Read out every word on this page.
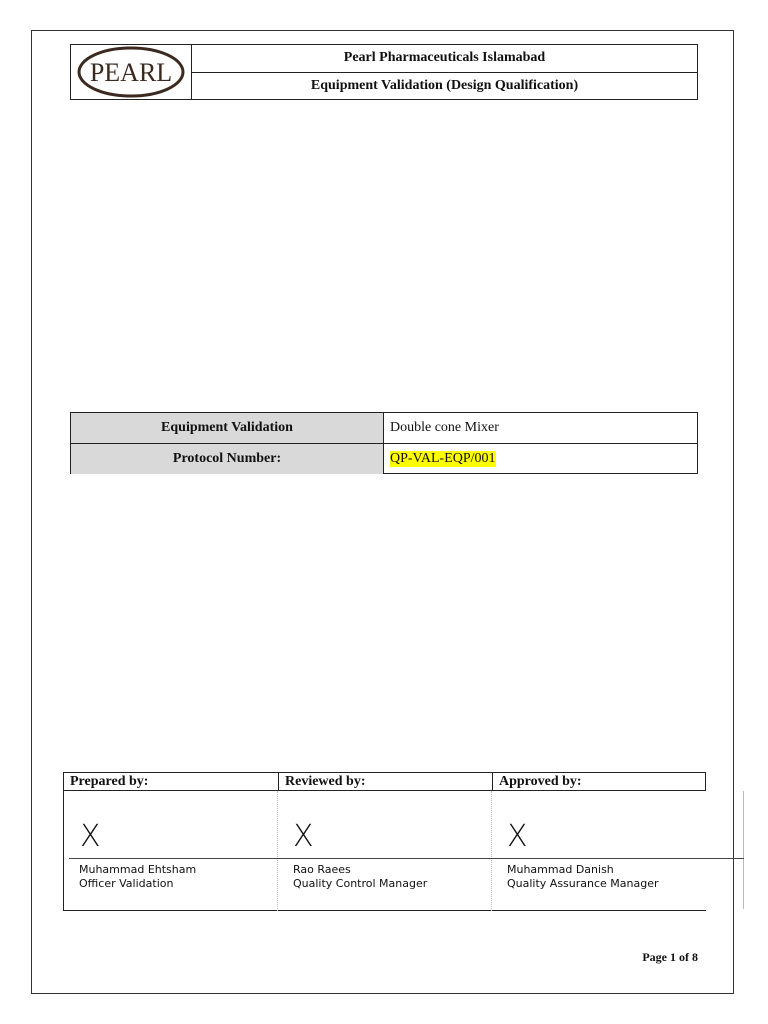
PEARL
Pearl Pharmaceuticals Islamabad
Equipment Validation (Design Qualification)
Equipment Validation	Double cone Mixer
Protocol Number:	QP-VAL-EQP/001
Prepared by:	Reviewed by:	Approved by:
X	X	X
Muhammad Ehtsham
Officer Validation
Rao Raees
Quality Control Manager
Muhammad Danish
Quality Assurance Manager
Page 1 of 8
